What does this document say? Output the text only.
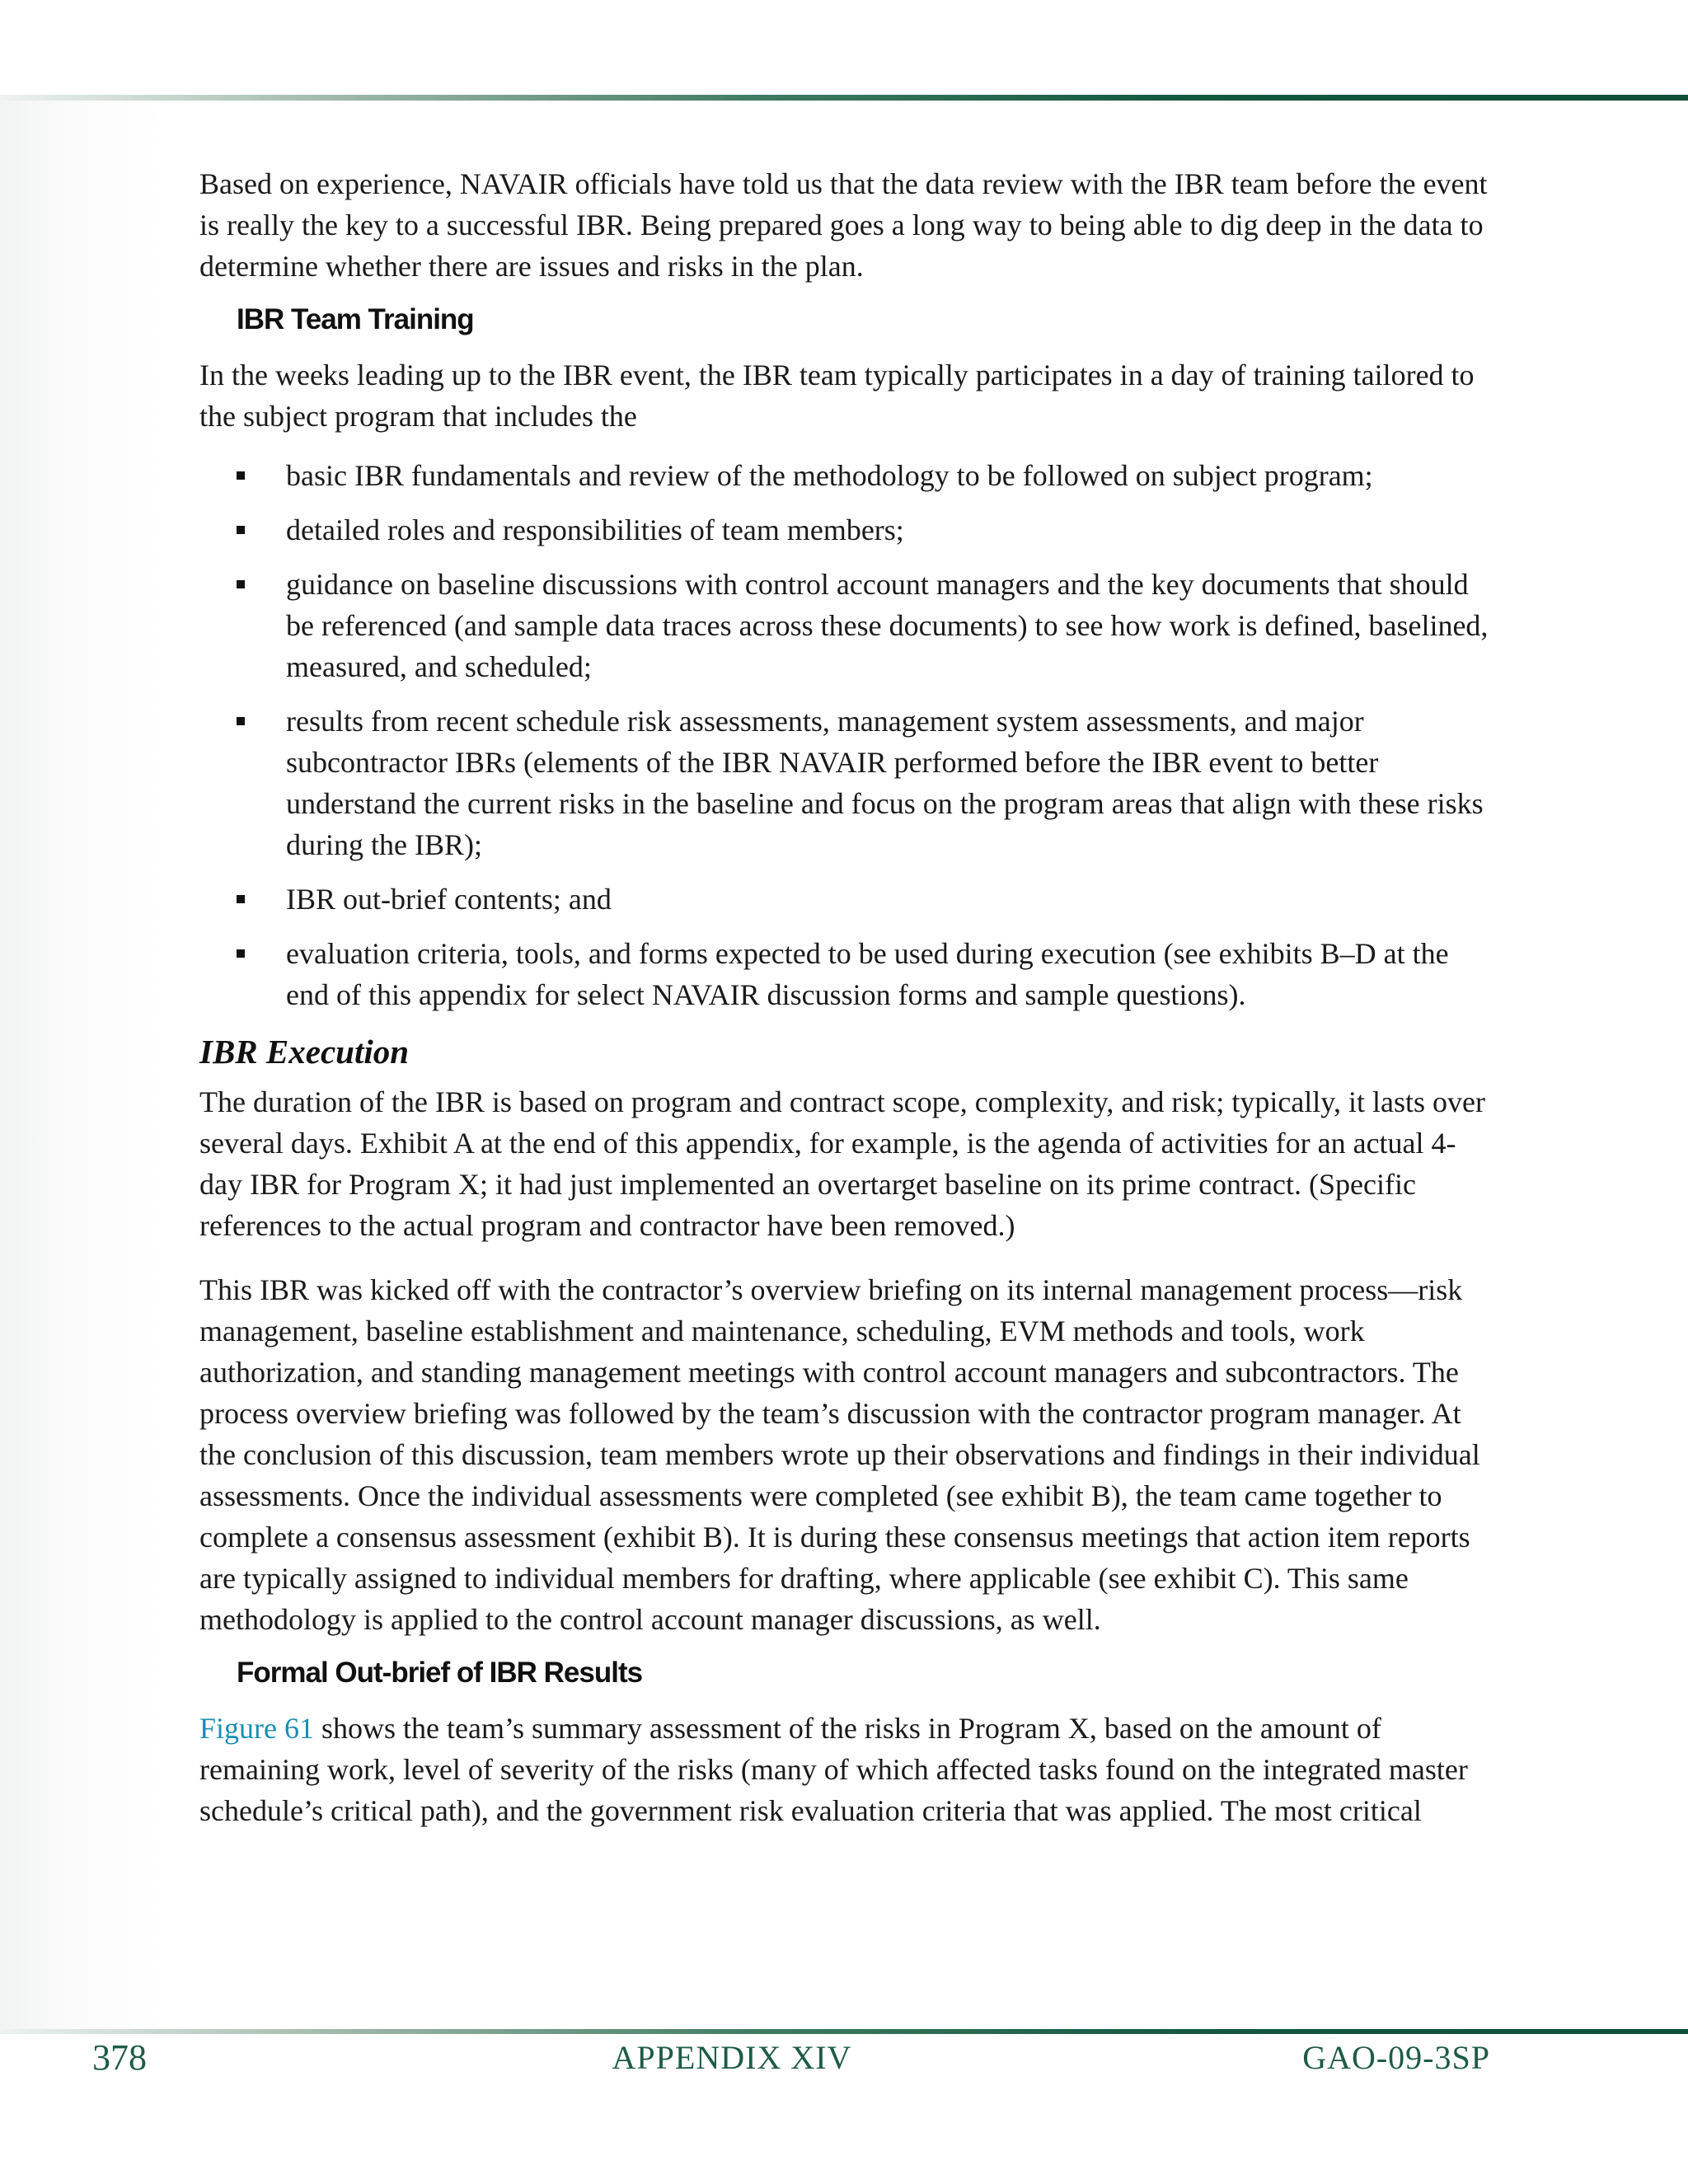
Based on experience, NAVAIR officials have told us that the data review with the IBR team before the event is really the key to a successful IBR. Being prepared goes a long way to being able to dig deep in the data to determine whether there are issues and risks in the plan.

IBR Team Training

In the weeks leading up to the IBR event, the IBR team typically participates in a day of training tailored to the subject program that includes the

basic IBR fundamentals and review of the methodology to be followed on subject program;
detailed roles and responsibilities of team members;
guidance on baseline discussions with control account managers and the key documents that should be referenced (and sample data traces across these documents) to see how work is defined, baselined, measured, and scheduled;
results from recent schedule risk assessments, management system assessments, and major subcontractor IBRs (elements of the IBR NAVAIR performed before the IBR event to better understand the current risks in the baseline and focus on the program areas that align with these risks during the IBR);
IBR out-brief contents; and
evaluation criteria, tools, and forms expected to be used during execution (see exhibits B–D at the end of this appendix for select NAVAIR discussion forms and sample questions).
IBR Execution

The duration of the IBR is based on program and contract scope, complexity, and risk; typically, it lasts over several days. Exhibit A at the end of this appendix, for example, is the agenda of activities for an actual 4-day IBR for Program X; it had just implemented an overtarget baseline on its prime contract. (Specific references to the actual program and contractor have been removed.)

This IBR was kicked off with the contractor’s overview briefing on its internal management process—risk management, baseline establishment and maintenance, scheduling, EVM methods and tools, work authorization, and standing management meetings with control account managers and subcontractors. The process overview briefing was followed by the team’s discussion with the contractor program manager. At the conclusion of this discussion, team members wrote up their observations and findings in their individual assessments. Once the individual assessments were completed (see exhibit B), the team came together to complete a consensus assessment (exhibit B). It is during these consensus meetings that action item reports are typically assigned to individual members for drafting, where applicable (see exhibit C). This same methodology is applied to the control account manager discussions, as well.

Formal Out-brief of IBR Results

Figure 61 shows the team’s summary assessment of the risks in Program X, based on the amount of remaining work, level of severity of the risks (many of which affected tasks found on the integrated master schedule’s critical path), and the government risk evaluation criteria that was applied. The most critical

378	APPENDIX XIV	GAO-09-3SP
